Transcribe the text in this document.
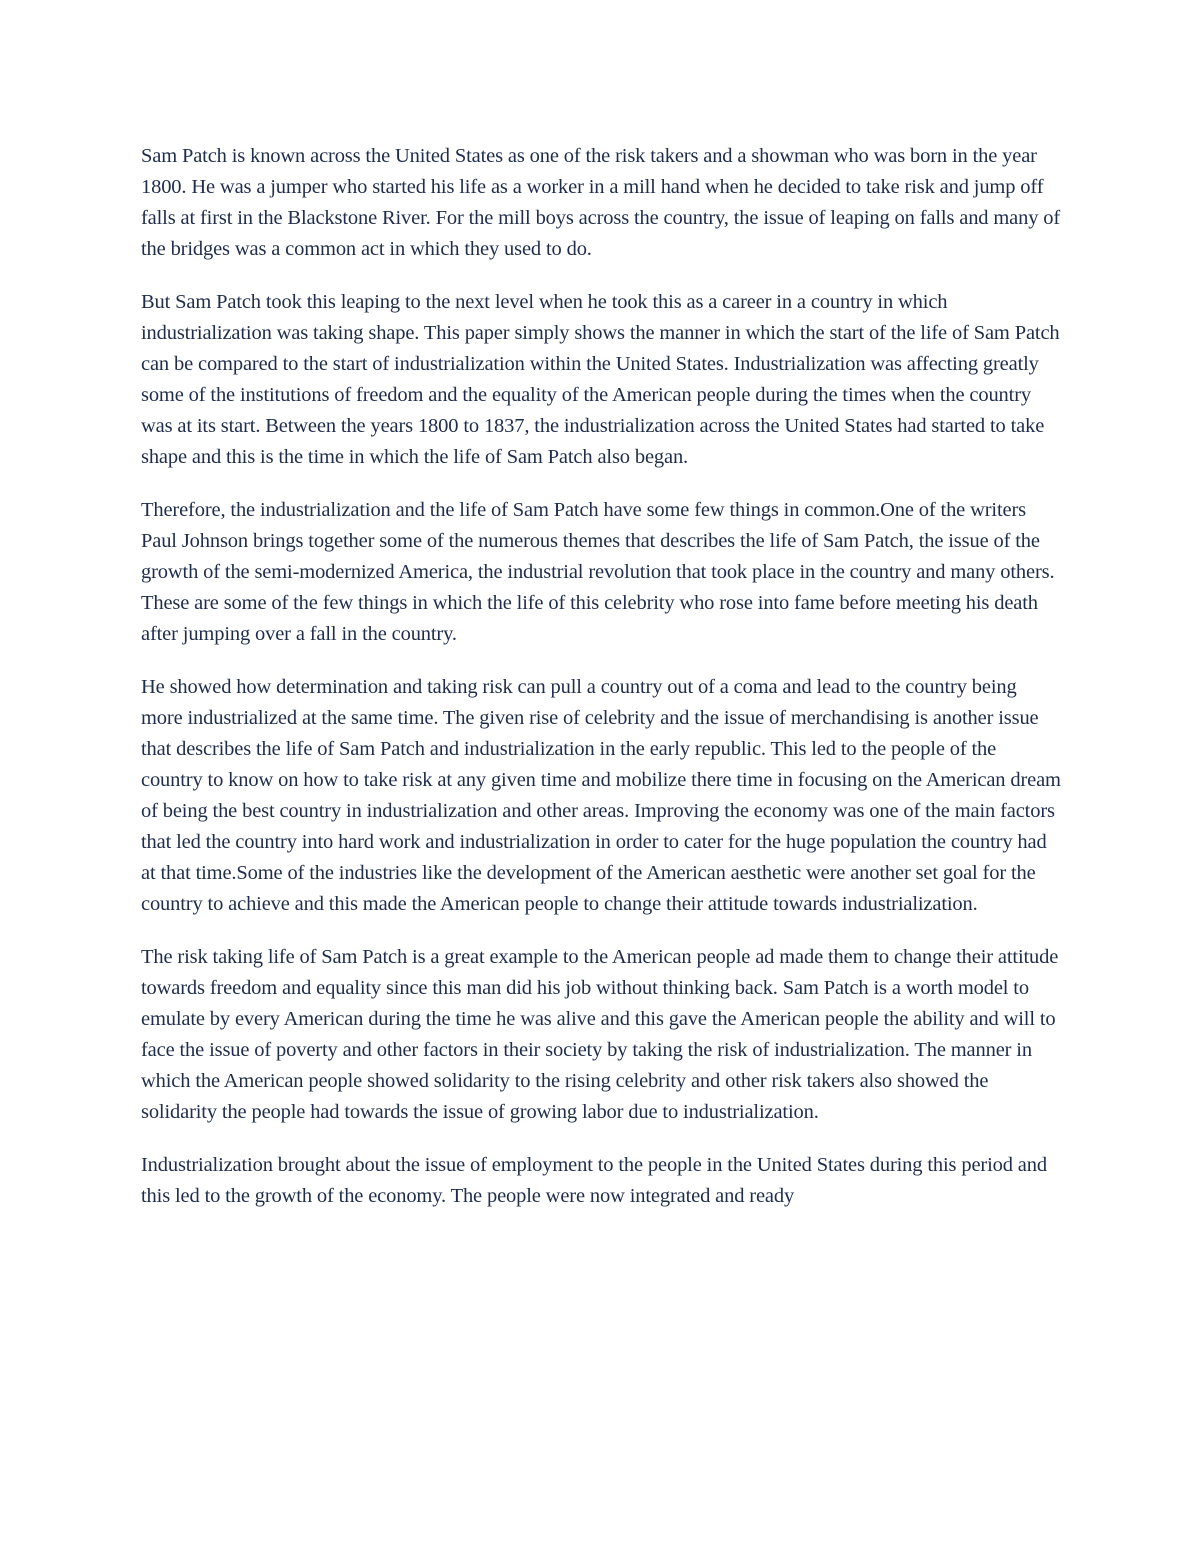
Sam Patch is known across the United States as one of the risk takers and a showman who was born in the year 1800. He was a jumper who started his life as a worker in a mill hand when he decided to take risk and jump off falls at first in the Blackstone River. For the mill boys across the country, the issue of leaping on falls and many of the bridges was a common act in which they used to do.

But Sam Patch took this leaping to the next level when he took this as a career in a country in which industrialization was taking shape. This paper simply shows the manner in which the start of the life of Sam Patch can be compared to the start of industrialization within the United States. Industrialization was affecting greatly some of the institutions of freedom and the equality of the American people during the times when the country was at its start. Between the years 1800 to 1837, the industrialization across the United States had started to take shape and this is the time in which the life of Sam Patch also began.

Therefore, the industrialization and the life of Sam Patch have some few things in common.One of the writers Paul Johnson brings together some of the numerous themes that describes the life of Sam Patch, the issue of the growth of the semi-modernized America, the industrial revolution that took place in the country and many others. These are some of the few things in which the life of this celebrity who rose into fame before meeting his death after jumping over a fall in the country.

He showed how determination and taking risk can pull a country out of a coma and lead to the country being more industrialized at the same time. The given rise of celebrity and the issue of merchandising is another issue that describes the life of Sam Patch and industrialization in the early republic. This led to the people of the country to know on how to take risk at any given time and mobilize there time in focusing on the American dream of being the best country in industrialization and other areas. Improving the economy was one of the main factors that led the country into hard work and industrialization in order to cater for the huge population the country had at that time.Some of the industries like the development of the American aesthetic were another set goal for the country to achieve and this made the American people to change their attitude towards industrialization.

The risk taking life of Sam Patch is a great example to the American people ad made them to change their attitude towards freedom and equality since this man did his job without thinking back. Sam Patch is a worth model to emulate by every American during the time he was alive and this gave the American people the ability and will to face the issue of poverty and other factors in their society by taking the risk of industrialization. The manner in which the American people showed solidarity to the rising celebrity and other risk takers also showed the solidarity the people had towards the issue of growing labor due to industrialization.

Industrialization brought about the issue of employment to the people in the United States during this period and this led to the growth of the economy. The people were now integrated and ready
